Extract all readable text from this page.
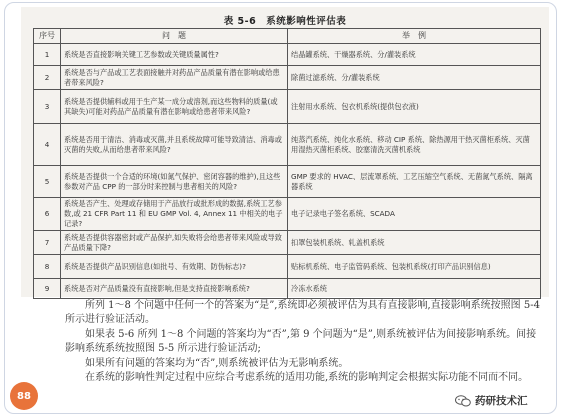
表 5-6　系统影响性评估表
序号	问　题	举　例
1	系统是否直接影响关键工艺参数或关键质量属性?	结晶罐系统、干燥器系统、分/灌装系统
2	系统是否与产品或工艺表面接触并对药品产品质量有潜在影响或给患者带来风险?	除菌过滤系统、分/灌装系统
3	系统是否提供辅料或用于生产某一成分或溶剂,而这些物料的质量(或其缺失)可能对药品产品质量有潜在影响或给患者带来风险?	注射用水系统、包衣机系统(提供包衣液)
4	系统是否用于清洁、消毒或灭菌,并且系统故障可能导致清洁、消毒或灭菌的失败,从而给患者带来风险?	纯蒸汽系统、纯化水系统、移动 CIP 系统、除热源用干热灭菌柜系统、灭菌用湿热灭菌柜系统、胶塞清洗灭菌机系统
5	系统是否提供一个合适的环境(如氮气保护、密闭容器的维护),且这些参数对产品 CPP 的一部分时来控制与患者相关的风险?	GMP 要求的 HVAC、层流罩系统、工艺压缩空气系统、无菌氮气系统、隔离器系统
6	系统是否产生、处理或存储用于产品放行或批形成的数据,系统工艺参数,或 21 CFR Part 11 和 EU GMP Vol. 4, Annex 11 中相关的电子记录?	电子记录电子签名系统、SCADA
7	系统是否提供容器密封或产品保护,如失败将会给患者带来风险或导致产品质量下降?	扣罩包装机系统、轧盖机系统
8	系统是否提供产品识别信息(如批号、有效期、防伪标志)?	贴标机系统、电子监管码系统、包装机系统(打印产品识别信息)
9	系统是否对产品质量没有直接影响,但是支持直接影响系统?	冷冻水系统

所列 1～8 个问题中任何一个的答案为“是”,系统即必须被评估为具有直接影响,直接影响系统按照图 5-4 所示进行验证活动。

如果表 5-6 所列 1～8 个问题的答案均为“否”,第 9 个问题为“是”,则系统被评估为间接影响系统。间接影响系统系统按照图 5-5 所示进行验证活动;

如果所有问题的答案均为“否”,则系统被评估为无影响系统。

在系统的影响性判定过程中应综合考虑系统的适用功能,系统的影响判定会根据实际功能不同而不同。

88	药研技术汇
